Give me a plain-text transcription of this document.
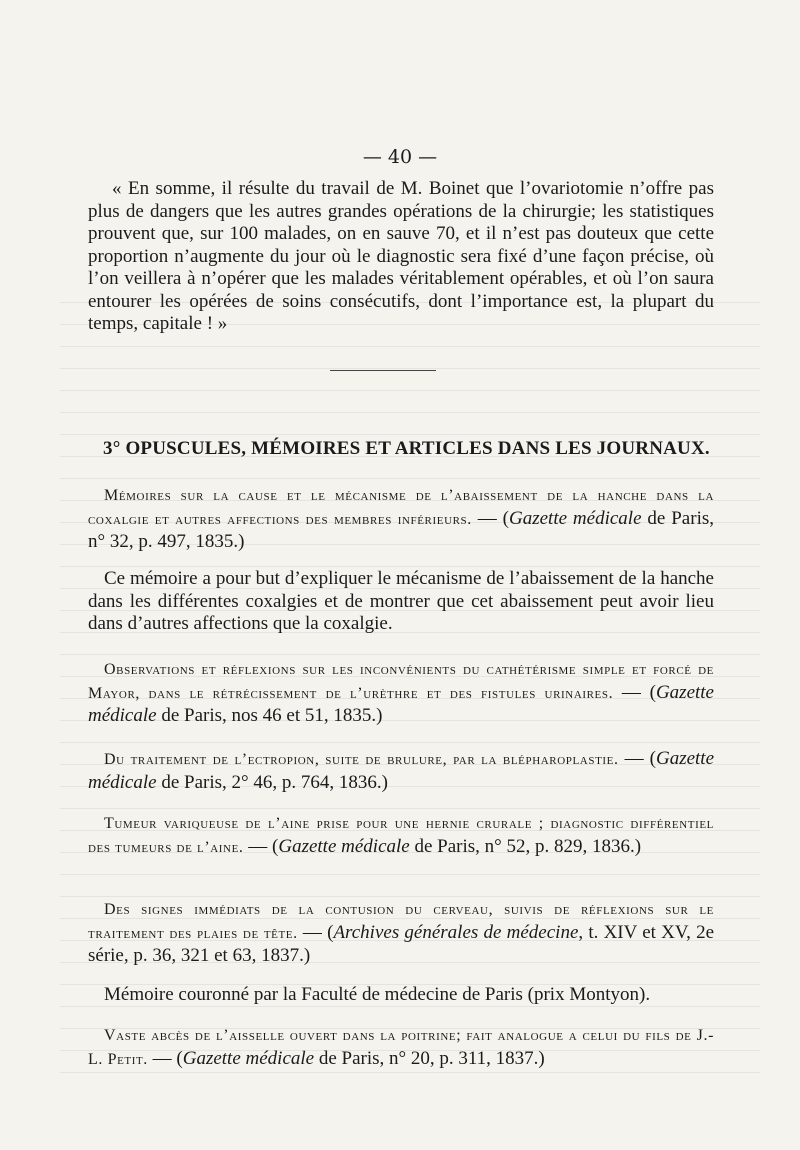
— 40 —

« En somme, il résulte du travail de M. Boinet que l’ovariotomie n’offre pas plus de dangers que les autres grandes opérations de la chirurgie; les statistiques prouvent que, sur 100 malades, on en sauve 70, et il n’est pas douteux que cette proportion n’augmente du jour où le diagnostic sera fixé d’une façon précise, où l’on veillera à n’opérer que les malades véritablement opérables, et où l’on saura entourer les opérées de soins consécutifs, dont l’importance est, la plupart du temps, capitale ! »

3° OPUSCULES, MÉMOIRES ET ARTICLES DANS LES JOURNAUX.

Mémoires sur la cause et le mécanisme de l’abaissement de la hanche dans la coxalgie et autres affections des membres inférieurs. — (Gazette médicale de Paris, n° 32, p. 497, 1835.)

Ce mémoire a pour but d’expliquer le mécanisme de l’abaissement de la hanche dans les différentes coxalgies et de montrer que cet abaissement peut avoir lieu dans d’autres affections que la coxalgie.

Observations et réflexions sur les inconvénients du cathétérisme simple et forcé de Mayor, dans le rétrécissement de l’urèthre et des fistules urinaires. — (Gazette médicale de Paris, nos 46 et 51, 1835.)

Du traitement de l’ectropion, suite de brulure, par la blépharoplastie. — (Gazette médicale de Paris, 2° 46, p. 764, 1836.)

Tumeur variqueuse de l’aine prise pour une hernie crurale ; diagnostic différentiel des tumeurs de l’aine. — (Gazette médicale de Paris, n° 52, p. 829, 1836.)

Des signes immédiats de la contusion du cerveau, suivis de réflexions sur le traitement des plaies de tête. — (Archives générales de médecine, t. XIV et XV, 2e série, p. 36, 321 et 63, 1837.)

Mémoire couronné par la Faculté de médecine de Paris (prix Montyon).

Vaste abcès de l’aisselle ouvert dans la poitrine; fait analogue a celui du fils de J.-L. Petit. — (Gazette médicale de Paris, n° 20, p. 311, 1837.)
